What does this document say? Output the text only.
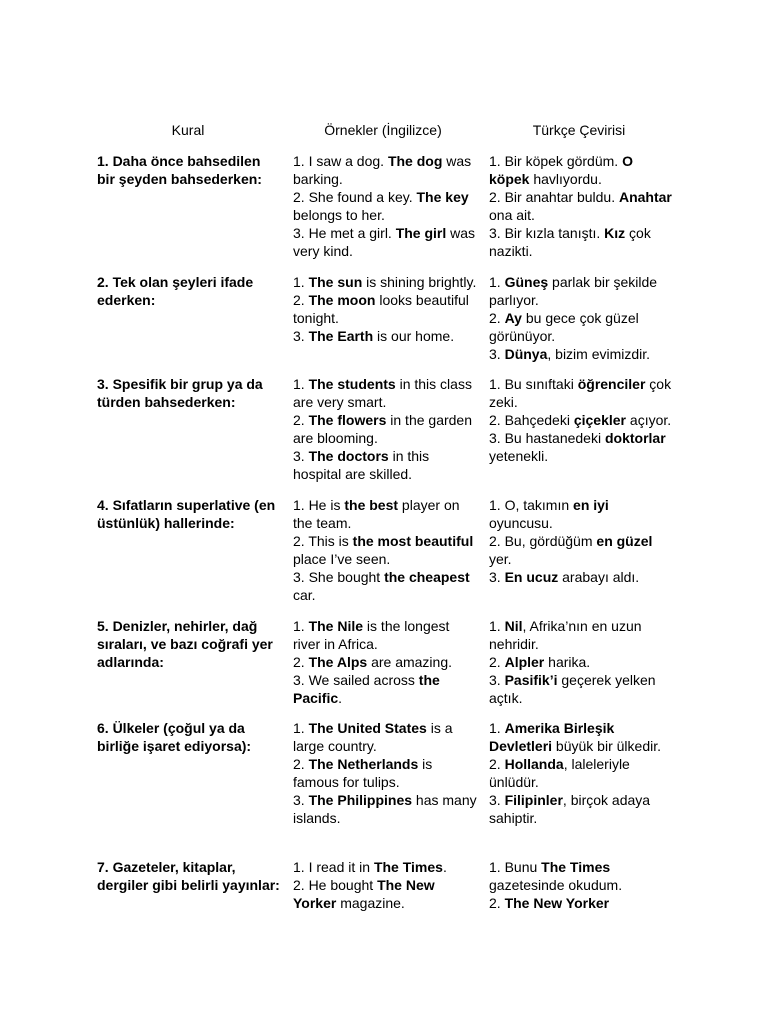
Kural	Örnekler (İngilizce)	Türkçe Çevirisi
1. Daha önce bahsedilen bir şeyden bahsederken:
1. I saw a dog. The dog was barking.
2. She found a key. The key belongs to her.
3. He met a girl. The girl was very kind.
1. Bir köpek gördüm. O köpek havlıyordu.
2. Bir anahtar buldu. Anahtar ona ait.
3. Bir kızla tanıştı. Kız çok nazikti.
2. Tek olan şeyleri ifade ederken:
1. The sun is shining brightly.
2. The moon looks beautiful tonight.
3. The Earth is our home.
1. Güneş parlak bir şekilde parlıyor.
2. Ay bu gece çok güzel görünüyor.
3. Dünya, bizim evimizdir.
3. Spesifik bir grup ya da türden bahsederken:
1. The students in this class are very smart.
2. The flowers in the garden are blooming.
3. The doctors in this hospital are skilled.
1. Bu sınıftaki öğrenciler çok zeki.
2. Bahçedeki çiçekler açıyor.
3. Bu hastanedeki doktorlar yetenekli.
4. Sıfatların superlative (en üstünlük) hallerinde:
1. He is the best player on the team.
2. This is the most beautiful place I’ve seen.
3. She bought the cheapest car.
1. O, takımın en iyi oyuncusu.
2. Bu, gördüğüm en güzel yer.
3. En ucuz arabayı aldı.
5. Denizler, nehirler, dağ sıraları, ve bazı coğrafi yer adlarında:
1. The Nile is the longest river in Africa.
2. The Alps are amazing.
3. We sailed across the Pacific.
1. Nil, Afrika’nın en uzun nehridir.
2. Alpler harika.
3. Pasifik’i geçerek yelken açtık.
6. Ülkeler (çoğul ya da birliğe işaret ediyorsa):
1. The United States is a large country.
2. The Netherlands is famous for tulips.
3. The Philippines has many islands.
1. Amerika Birleşik Devletleri büyük bir ülkedir.
2. Hollanda, laleleriyle ünlüdür.
3. Filipinler, birçok adaya sahiptir.
7. Gazeteler, kitaplar, dergiler gibi belirli yayınlar:
1. I read it in The Times.
2. He bought The New Yorker magazine.
1. Bunu The Times gazetesinde okudum.
2. The New Yorker
